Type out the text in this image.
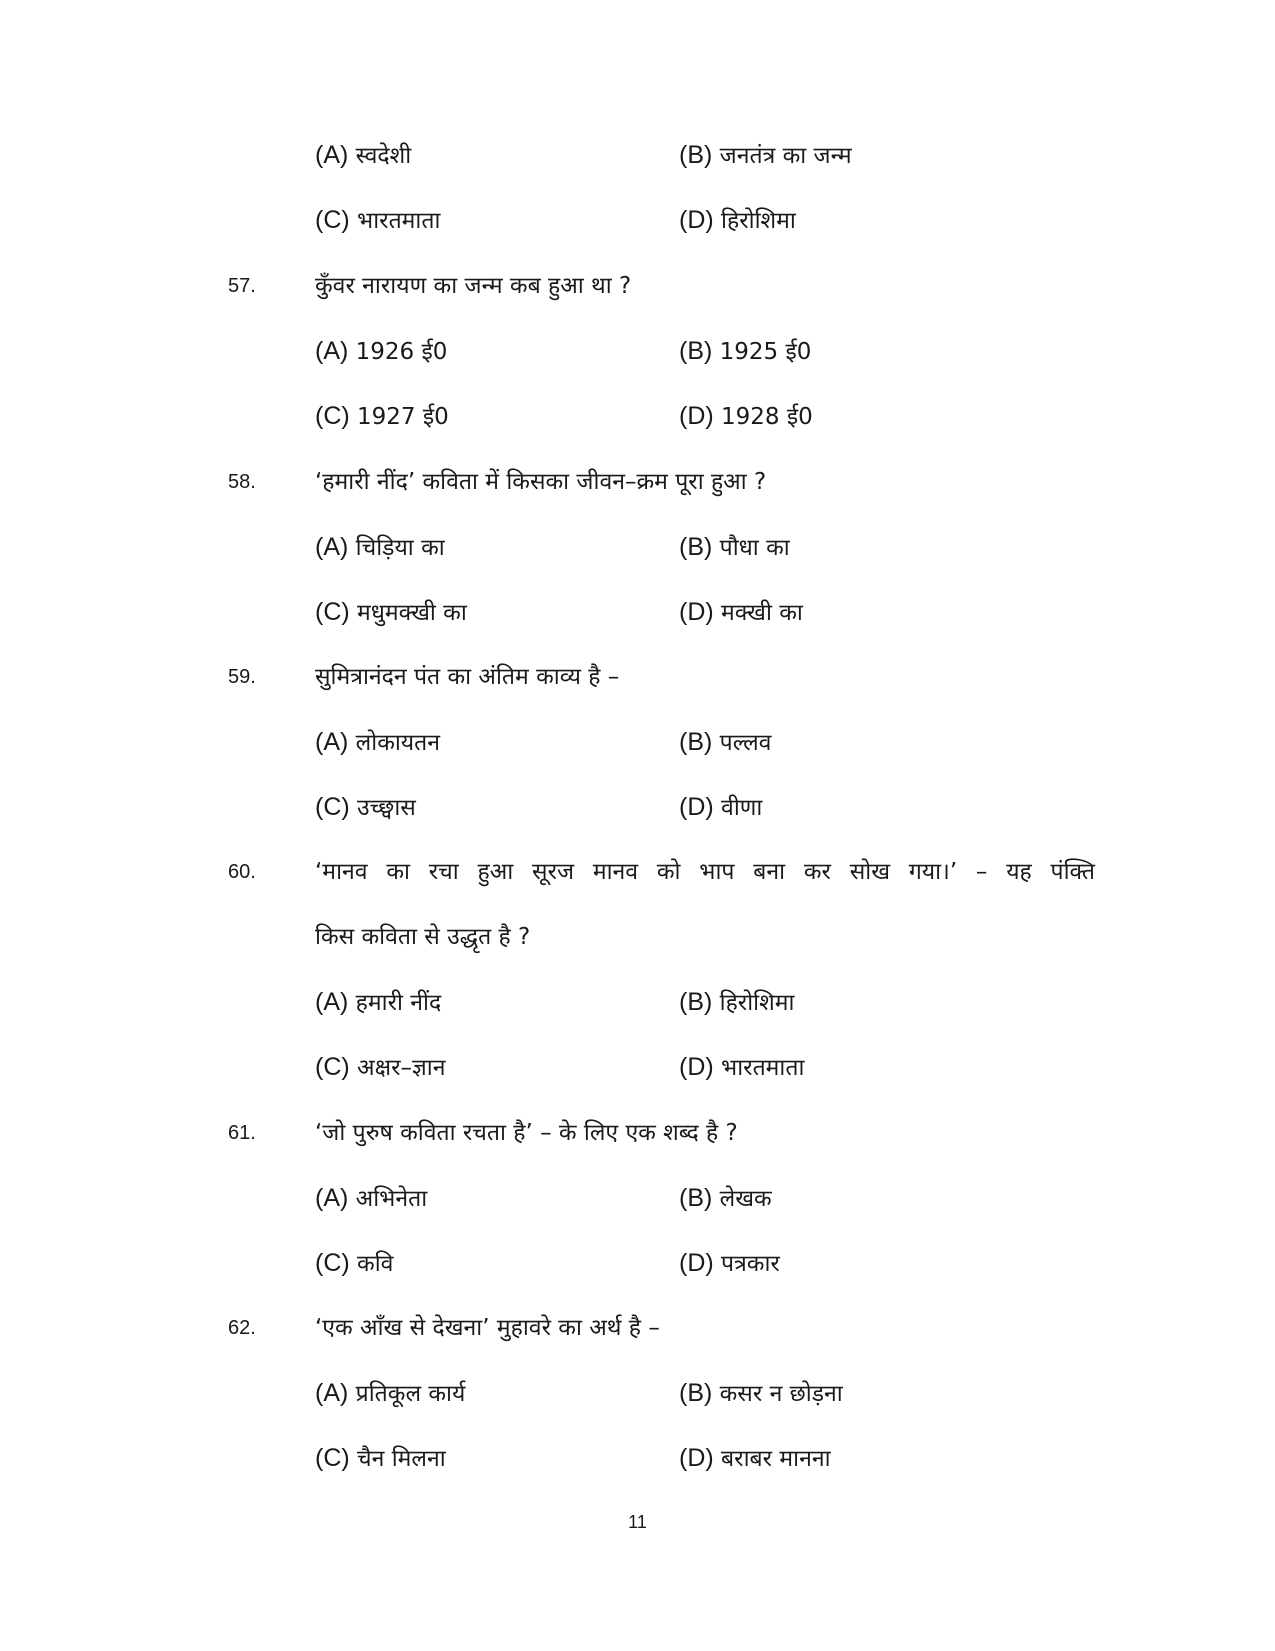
(A) स्वदेशी	(B) जनतंत्र का जन्म
(C) भारतमाता	(D) हिरोशिमा
57.	कुँवर नारायण का जन्म कब हुआ था ?
(A) 1926 ई0	(B) 1925 ई0
(C) 1927 ई0	(D) 1928 ई0
58.	‘हमारी नींद’ कविता में किसका जीवन–क्रम पूरा हुआ ?
(A) चिड़िया का	(B) पौधा का
(C) मधुमक्खी का	(D) मक्खी का
59.	सुमित्रानंदन पंत का अंतिम काव्य है –
(A) लोकायतन	(B) पल्लव
(C) उच्छ्वास	(D) वीणा
60.	‘मानव का रचा हुआ सूरज मानव को भाप बना कर सोख गया।’ – यह पंक्ति
किस कविता से उद्धृत है ?
(A) हमारी नींद	(B) हिरोशिमा
(C) अक्षर–ज्ञान	(D) भारतमाता
61.	‘जो पुरुष कविता रचता है’ – के लिए एक शब्द है ?
(A) अभिनेता	(B) लेखक
(C) कवि	(D) पत्रकार
62.	‘एक आँख से देखना’ मुहावरे का अर्थ है –
(A) प्रतिकूल कार्य	(B) कसर न छोड़ना
(C) चैन मिलना	(D) बराबर मानना
11
